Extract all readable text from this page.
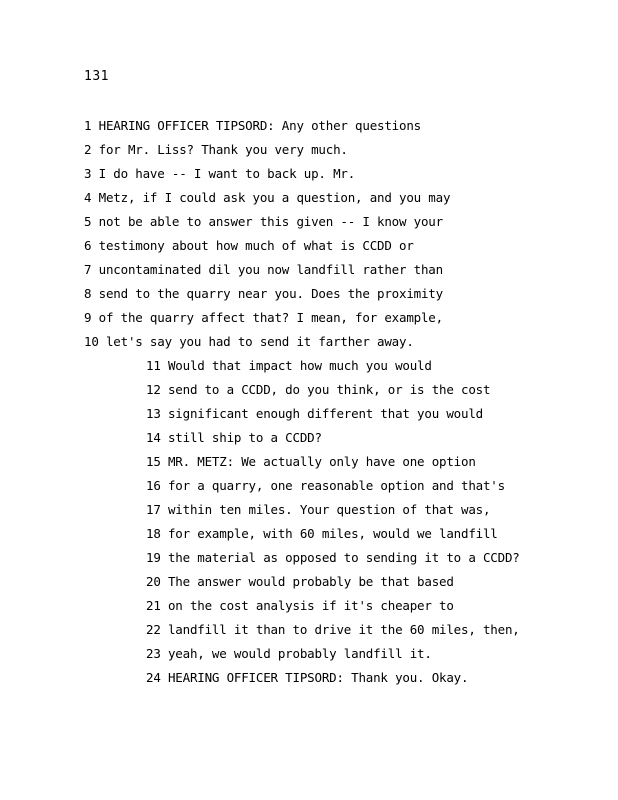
131
1 HEARING OFFICER TIPSORD: Any other questions
2 for Mr. Liss? Thank you very much.
3 I do have -- I want to back up. Mr.
4 Metz, if I could ask you a question, and you may
5 not be able to answer this given -- I know your
6 testimony about how much of what is CCDD or
7 uncontaminated dil you now landfill rather than
8 send to the quarry near you. Does the proximity
9 of the quarry affect that? I mean, for example,
10 let's say you had to send it farther away.
11 Would that impact how much you would
12 send to a CCDD, do you think, or is the cost
13 significant enough different that you would
14 still ship to a CCDD?
15 MR. METZ: We actually only have one option
16 for a quarry, one reasonable option and that's
17 within ten miles. Your question of that was,
18 for example, with 60 miles, would we landfill
19 the material as opposed to sending it to a CCDD?
20 The answer would probably be that based
21 on the cost analysis if it's cheaper to
22 landfill it than to drive it the 60 miles, then,
23 yeah, we would probably landfill it.
24 HEARING OFFICER TIPSORD: Thank you. Okay.
